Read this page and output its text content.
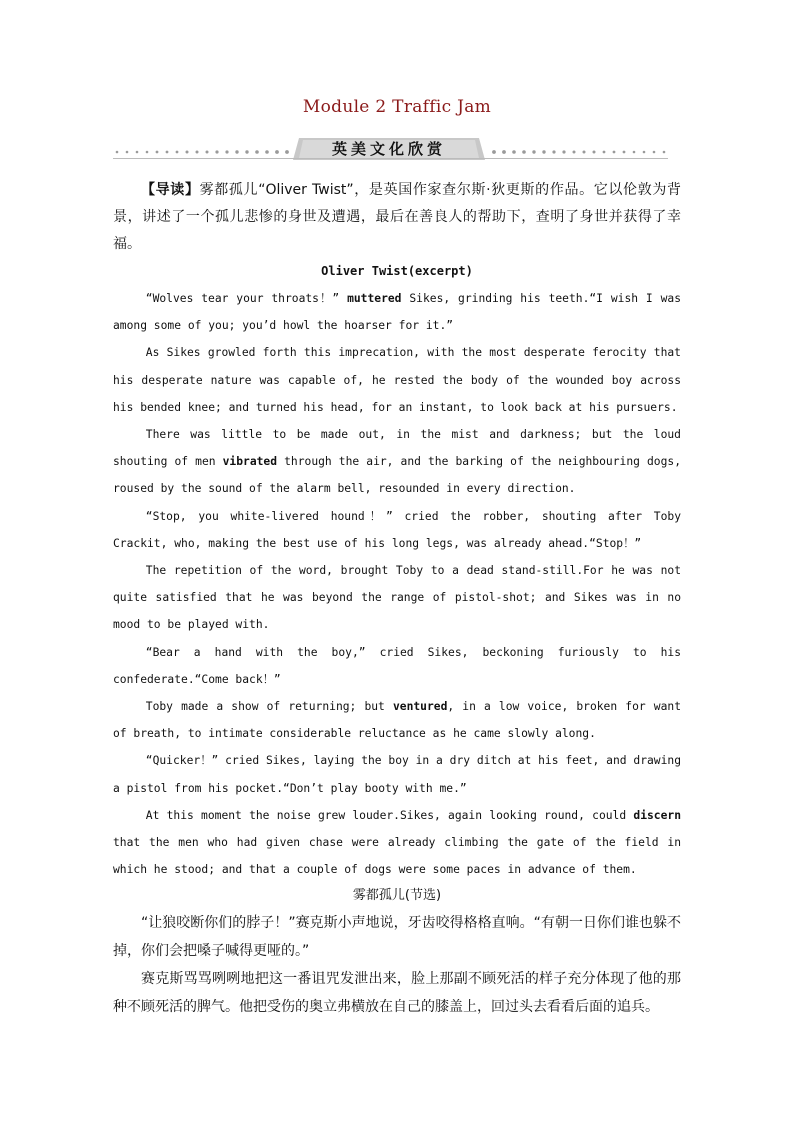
Module 2 Traffic Jam
英美文化欣赏

【导读】雾都孤儿“Oliver Twist”，是英国作家查尔斯·狄更斯的作品。它以伦敦为背景，讲述了一个孤儿悲惨的身世及遭遇，最后在善良人的帮助下，查明了身世并获得了幸福。

Oliver Twist(excerpt)

“Wolves tear your throats！” muttered Sikes, grinding his teeth.“I wish I was among some of you; you’d howl the hoarser for it.”

As Sikes growled forth this imprecation, with the most desperate ferocity that his desperate nature was capable of, he rested the body of the wounded boy across his bended knee; and turned his head, for an instant, to look back at his pursuers.

There was little to be made out, in the mist and darkness; but the loud shouting of men vibrated through the air, and the barking of the neighbouring dogs, roused by the sound of the alarm bell, resounded in every direction.

“Stop, you white-livered hound！” cried the robber, shouting after Toby Crackit, who, making the best use of his long legs, was already ahead.“Stop！”

The repetition of the word, brought Toby to a dead stand-still.For he was not quite satisfied that he was beyond the range of pistol-shot; and Sikes was in no mood to be played with.

“Bear a hand with the boy,” cried Sikes, beckoning furiously to his confederate.“Come back！”

Toby made a show of returning; but ventured, in a low voice, broken for want of breath, to intimate considerable reluctance as he came slowly along.

“Quicker！” cried Sikes, laying the boy in a dry ditch at his feet, and drawing a pistol from his pocket.“Don’t play booty with me.”

At this moment the noise grew louder.Sikes, again looking round, could discern that the men who had given chase were already climbing the gate of the field in which he stood; and that a couple of dogs were some paces in advance of them.

雾都孤儿(节选)

“让狼咬断你们的脖子！”赛克斯小声地说，牙齿咬得格格直响。“有朝一日你们谁也躲不掉，你们会把嗓子喊得更哑的。”

赛克斯骂骂咧咧地把这一番诅咒发泄出来，脸上那副不顾死活的样子充分体现了他的那种不顾死活的脾气。他把受伤的奥立弗横放在自己的膝盖上，回过头去看看后面的追兵。
